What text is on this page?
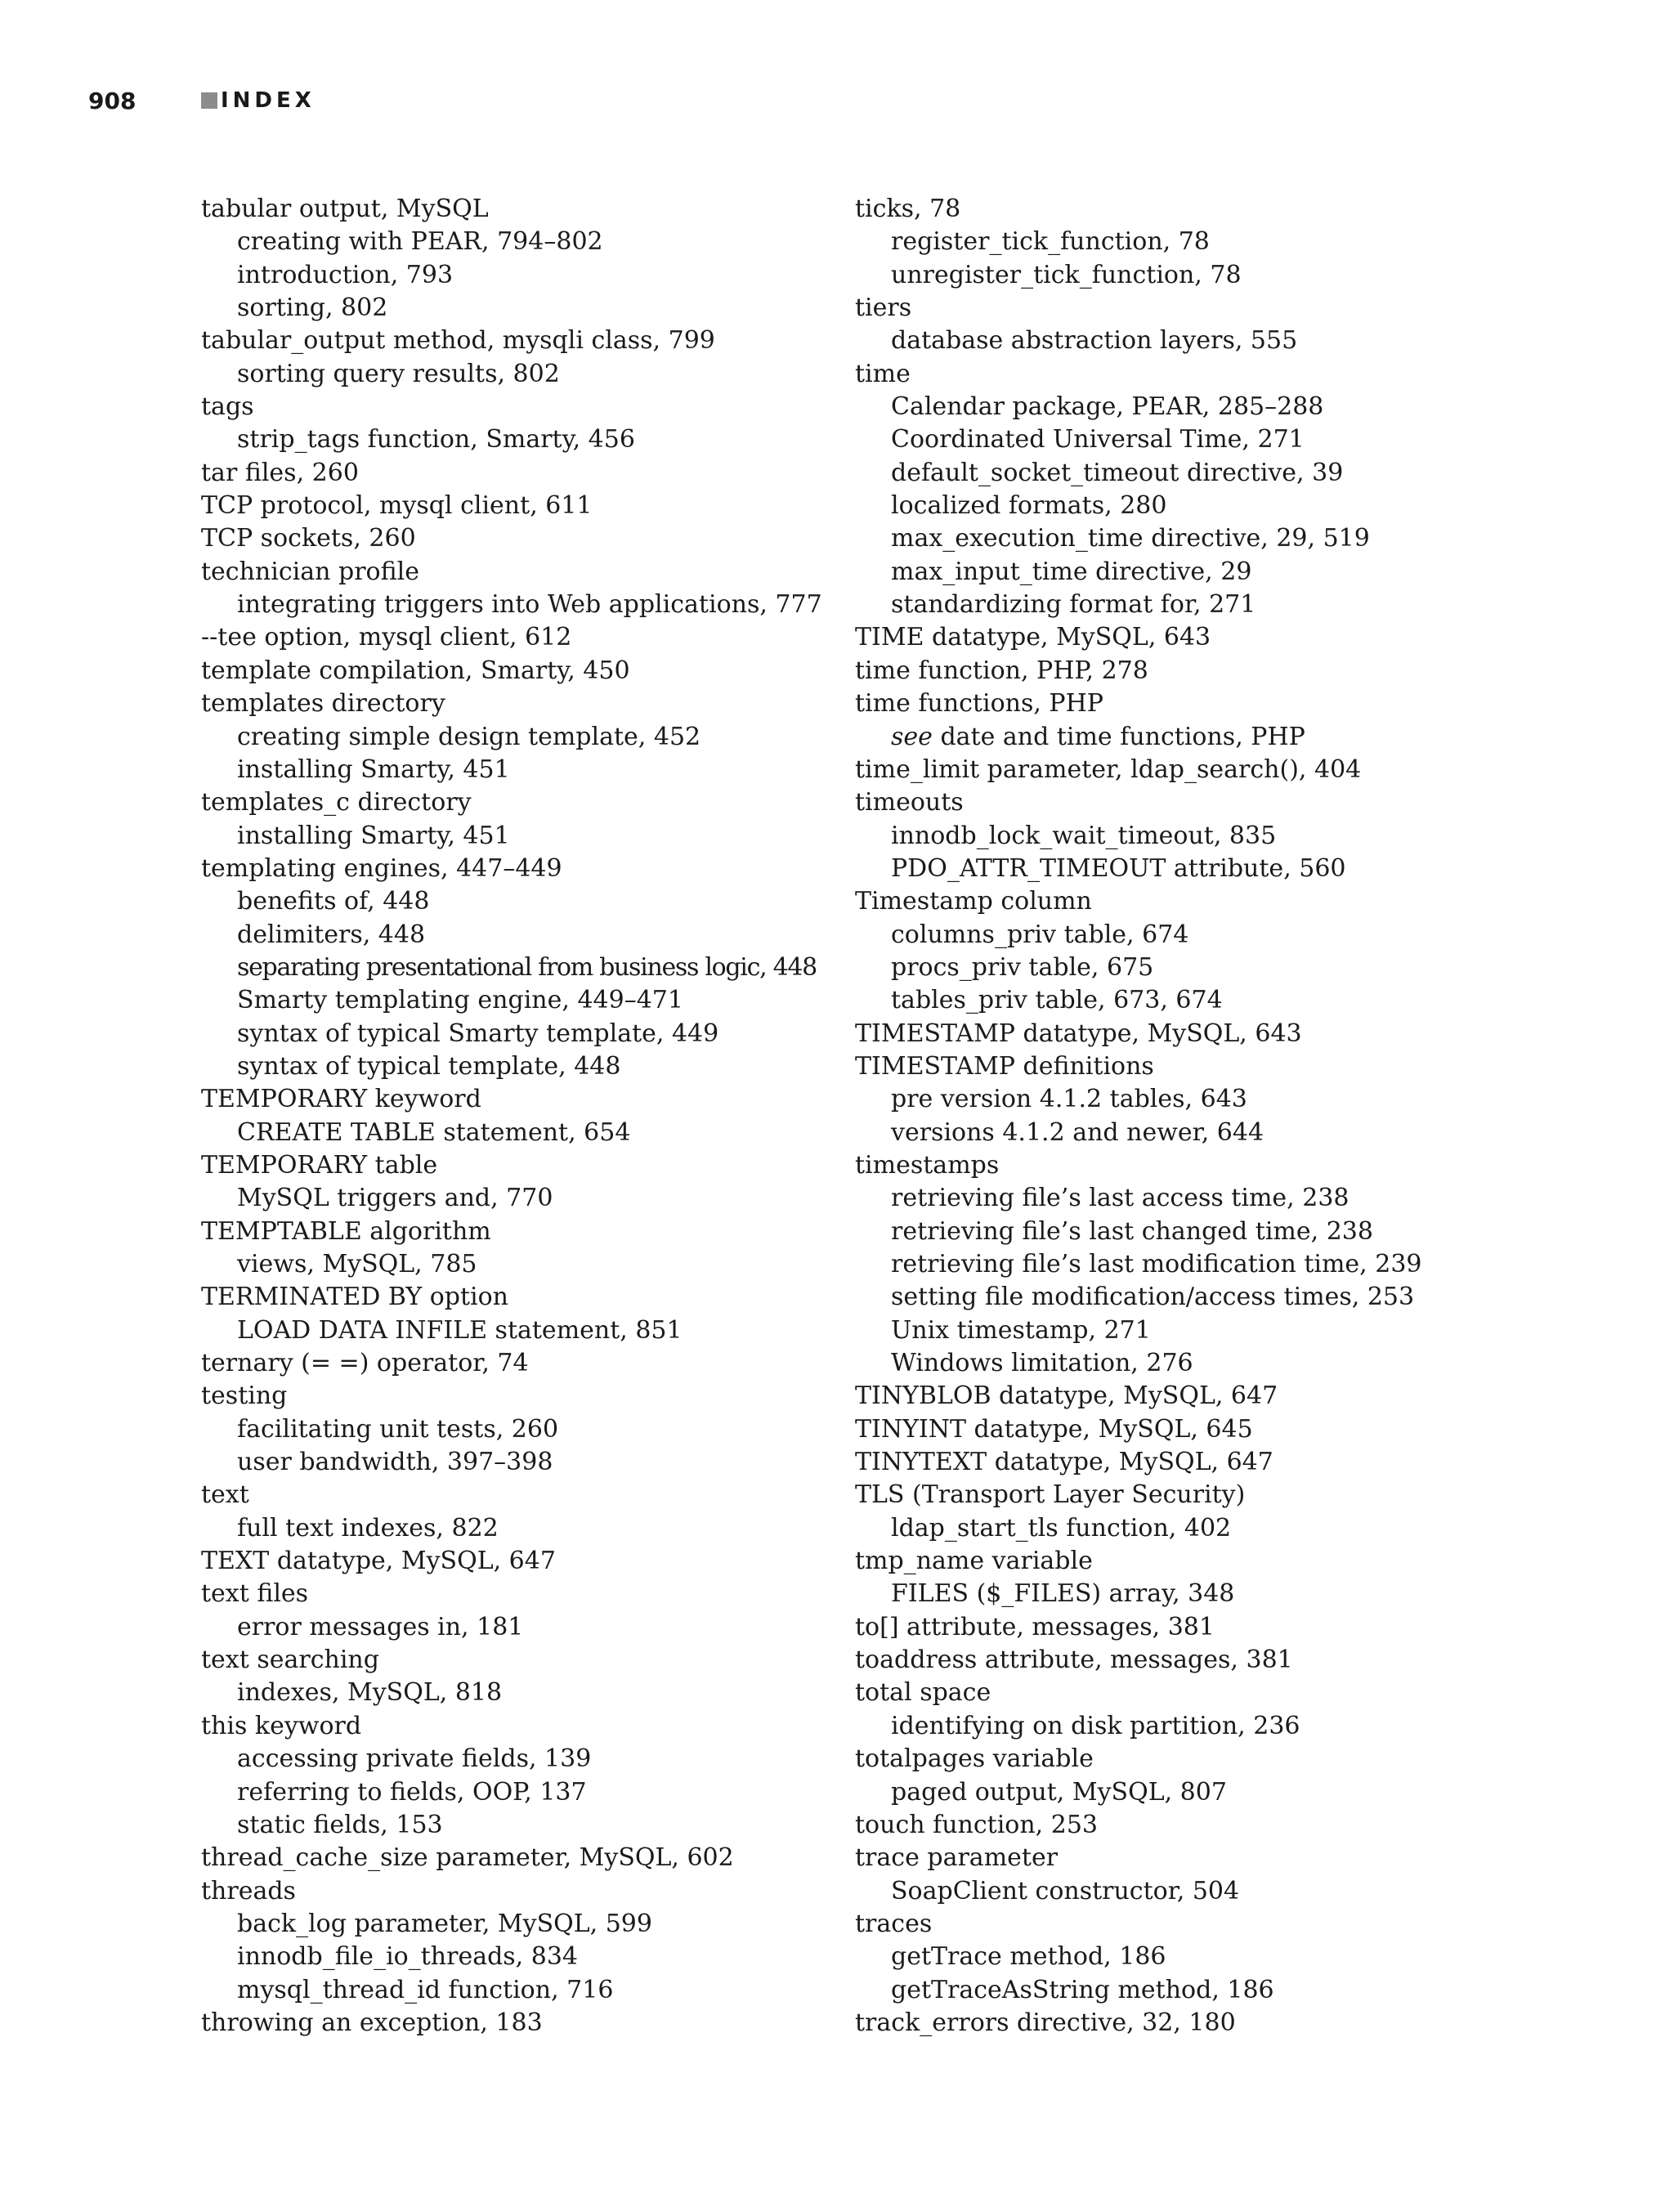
908	INDEX
tabular output, MySQL
creating with PEAR, 794–802
introduction, 793
sorting, 802
tabular_output method, mysqli class, 799
sorting query results, 802
tags
strip_tags function, Smarty, 456
tar files, 260
TCP protocol, mysql client, 611
TCP sockets, 260
technician profile
integrating triggers into Web applications, 777
--tee option, mysql client, 612
template compilation, Smarty, 450
templates directory
creating simple design template, 452
installing Smarty, 451
templates_c directory
installing Smarty, 451
templating engines, 447–449
benefits of, 448
delimiters, 448
separating presentational from business logic, 448
Smarty templating engine, 449–471
syntax of typical Smarty template, 449
syntax of typical template, 448
TEMPORARY keyword
CREATE TABLE statement, 654
TEMPORARY table
MySQL triggers and, 770
TEMPTABLE algorithm
views, MySQL, 785
TERMINATED BY option
LOAD DATA INFILE statement, 851
ternary (= =) operator, 74
testing
facilitating unit tests, 260
user bandwidth, 397–398
text
full text indexes, 822
TEXT datatype, MySQL, 647
text files
error messages in, 181
text searching
indexes, MySQL, 818
this keyword
accessing private fields, 139
referring to fields, OOP, 137
static fields, 153
thread_cache_size parameter, MySQL, 602
threads
back_log parameter, MySQL, 599
innodb_file_io_threads, 834
mysql_thread_id function, 716
throwing an exception, 183
ticks, 78
register_tick_function, 78
unregister_tick_function, 78
tiers
database abstraction layers, 555
time
Calendar package, PEAR, 285–288
Coordinated Universal Time, 271
default_socket_timeout directive, 39
localized formats, 280
max_execution_time directive, 29, 519
max_input_time directive, 29
standardizing format for, 271
TIME datatype, MySQL, 643
time function, PHP, 278
time functions, PHP
see date and time functions, PHP
time_limit parameter, ldap_search(), 404
timeouts
innodb_lock_wait_timeout, 835
PDO_ATTR_TIMEOUT attribute, 560
Timestamp column
columns_priv table, 674
procs_priv table, 675
tables_priv table, 673, 674
TIMESTAMP datatype, MySQL, 643
TIMESTAMP definitions
pre version 4.1.2 tables, 643
versions 4.1.2 and newer, 644
timestamps
retrieving file’s last access time, 238
retrieving file’s last changed time, 238
retrieving file’s last modification time, 239
setting file modification/access times, 253
Unix timestamp, 271
Windows limitation, 276
TINYBLOB datatype, MySQL, 647
TINYINT datatype, MySQL, 645
TINYTEXT datatype, MySQL, 647
TLS (Transport Layer Security)
ldap_start_tls function, 402
tmp_name variable
FILES ($_FILES) array, 348
to[] attribute, messages, 381
toaddress attribute, messages, 381
total space
identifying on disk partition, 236
totalpages variable
paged output, MySQL, 807
touch function, 253
trace parameter
SoapClient constructor, 504
traces
getTrace method, 186
getTraceAsString method, 186
track_errors directive, 32, 180
